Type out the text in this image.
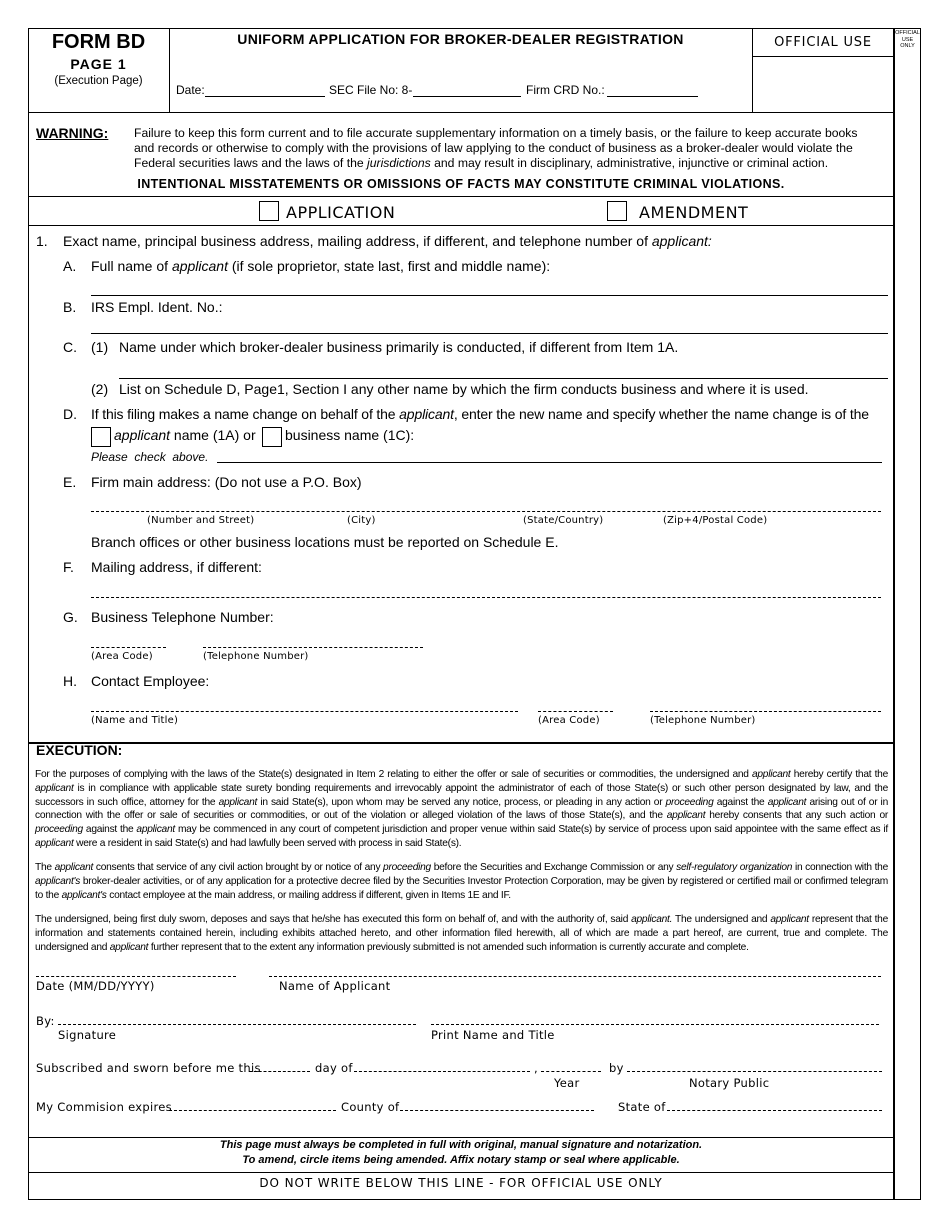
FORM BD
PAGE 1
(Execution Page)
UNIFORM APPLICATION FOR BROKER-DEALER REGISTRATION	OFFICIAL USE
OFFICIAL
USE
ONLY
Date:	SEC File No: 8-	Firm CRD No.:
WARNING: Failure to keep this form current and to file accurate supplementary information on a timely basis, or the failure to keep accurate books
and records or otherwise to comply with the provisions of law applying to the conduct of business as a broker-dealer would violate the
Federal securities laws and the laws of the jurisdictions and may result in disciplinary, administrative, injunctive or criminal action.
INTENTIONAL MISSTATEMENTS OR OMISSIONS OF FACTS MAY CONSTITUTE CRIMINAL VIOLATIONS.
APPLICATION	AMENDMENT
1. Exact name, principal business address, mailing address, if different, and telephone number of applicant:
A. Full name of applicant (if sole proprietor, state last, first and middle name):
B. IRS Empl. Ident. No.:
C. (1) Name under which broker-dealer business primarily is conducted, if different from Item 1A.
(2) List on Schedule D, Page1, Section I any other name by which the firm conducts business and where it is used.
D. If this filing makes a name change on behalf of the applicant, enter the new name and specify whether the name change is of the
applicant name (1A) or business name (1C):
Please  check  above.
E. Firm main address: (Do not use a P.O. Box)
(Number and Street)	(City)	(State/Country)	(Zip+4/Postal Code)
Branch offices or other business locations must be reported on Schedule E.
F. Mailing address, if different:
G. Business Telephone Number:
(Area Code)	(Telephone Number)
H. Contact Employee:
(Name and Title)	(Area Code)	(Telephone Number)
EXECUTION:
For the purposes of complying with the laws of the State(s) designated in Item 2 relating to either the offer or sale of securities or commodities, the undersigned and applicant hereby certify that the applicant is in compliance with applicable state surety bonding requirements and irrevocably appoint the administrator of each of those State(s) or such other person designated by law, and the successors in such office, attorney for the applicant in said State(s), upon whom may be served any notice, process, or pleading in any action or proceeding against the applicant arising out of or in connection with the offer or sale of securities or commodities, or out of the violation or alleged violation of the laws of those State(s), and the applicant hereby consents that any such action or proceeding against the applicant may be commenced in any court of competent jurisdiction and proper venue within said State(s) by service of process upon said appointee with the same effect as if applicant were a resident in said State(s) and had lawfully been served with process in said State(s).
The applicant consents that service of any civil action brought by or notice of any proceeding before the Securities and Exchange Commission or any self-regulatory organization in connection with the applicant's broker-dealer activities, or of any application for a protective decree filed by the Securities Investor Protection Corporation, may be given by registered or certified mail or confirmed telegram to the applicant's contact employee at the main address, or mailing address if different, given in Items 1E and IF.
The undersigned, being first duly sworn, deposes and says that he/she has executed this form on behalf of, and with the authority of, said applicant. The undersigned and applicant represent that the information and statements contained herein, including exhibits attached hereto, and other information filed herewith, all of which are made a part hereof, are current, true and complete. The undersigned and applicant further represent that to the extent any information previously submitted is not amended such information is currently accurate and complete.
Date (MM/DD/YYYY)	Name of Applicant
By:
Signature	Print Name and Title
Subscribed and sworn before me this	day of	,	by
Year	Notary Public
My Commision expires	County of	State of
This page must always be completed in full with original, manual signature and notarization.
To amend, circle items being amended. Affix notary stamp or seal where applicable.
DO NOT WRITE BELOW THIS LINE - FOR OFFICIAL USE ONLY
